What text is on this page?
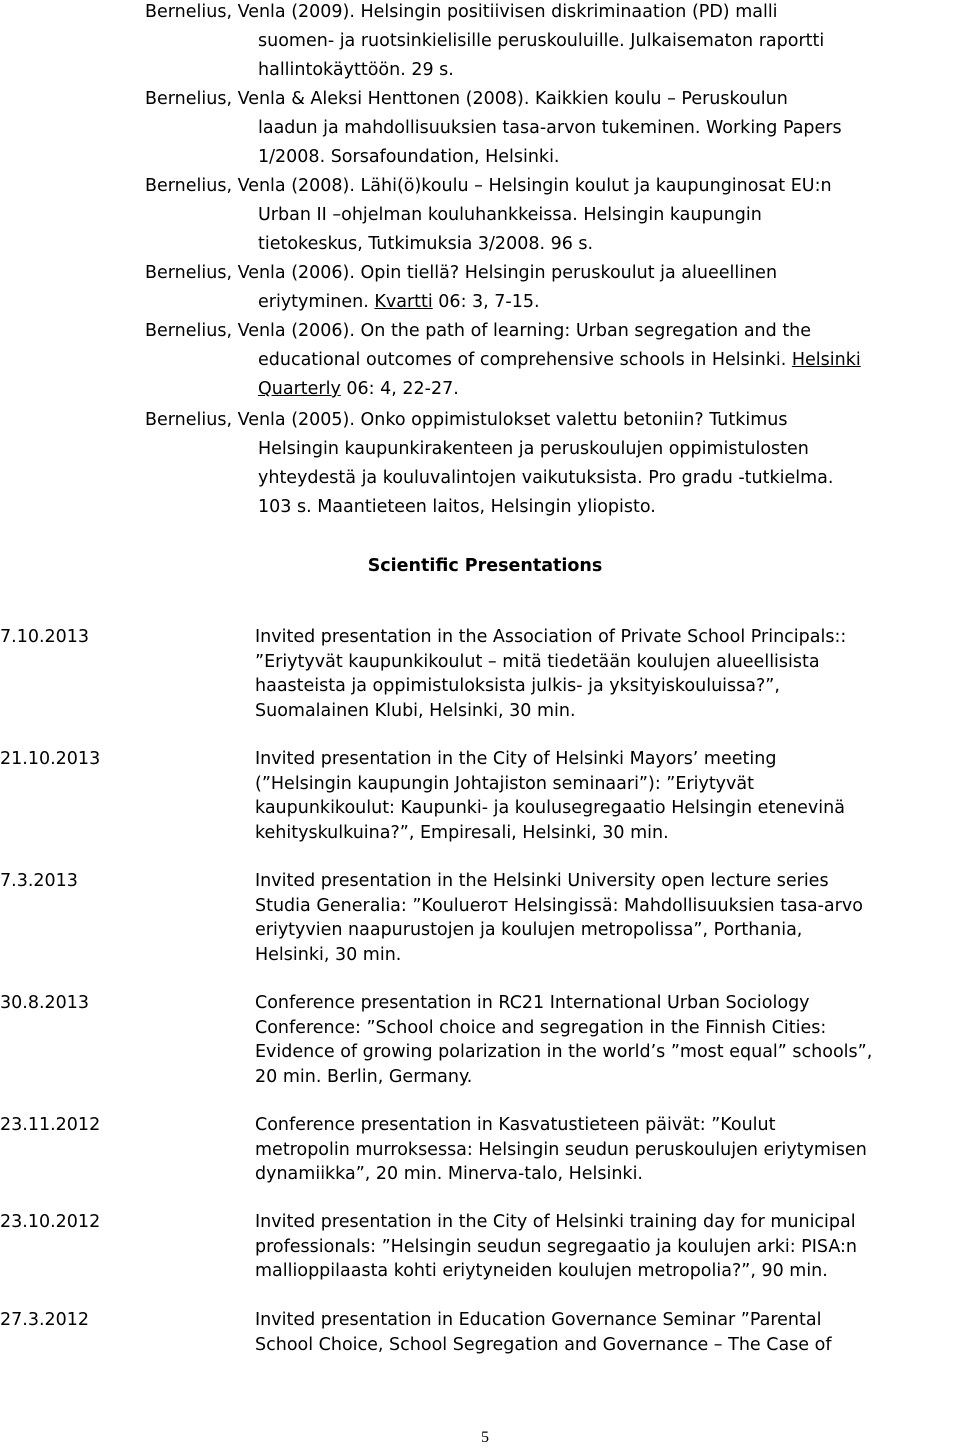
Bernelius, Venla (2009). Helsingin positiivisen diskriminaation (PD) malli
suomen- ja ruotsinkielisille peruskouluille. Julkaisematon raportti
hallintokäyttöön. 29 s.
Bernelius, Venla & Aleksi Henttonen (2008). Kaikkien koulu – Peruskoulun
laadun ja mahdollisuuksien tasa-arvon tukeminen. Working Papers
1/2008. Sorsafoundation, Helsinki.
Bernelius, Venla (2008). Lähi(ö)koulu – Helsingin koulut ja kaupunginosat EU:n
Urban II –ohjelman kouluhankkeissa. Helsingin kaupungin
tietokeskus, Tutkimuksia 3/2008. 96 s.
Bernelius, Venla (2006). Opin tiellä? Helsingin peruskoulut ja alueellinen
eriytyminen. Kvartti 06: 3, 7-15.
Bernelius, Venla (2006). On the path of learning: Urban segregation and the
educational outcomes of comprehensive schools in Helsinki. Helsinki
Quarterly 06: 4, 22-27.
Bernelius, Venla (2005). Onko oppimistulokset valettu betoniin? Tutkimus
Helsingin kaupunkirakenteen ja peruskoulujen oppimistulosten
yhteydestä ja kouluvalintojen vaikutuksista. Pro gradu -tutkielma.
103 s. Maantieteen laitos, Helsingin yliopisto.
Scientific Presentations
7.10.2013	Invited presentation in the Association of Private School Principals::
”Eriytyvät kaupunkikoulut – mitä tiedetään koulujen alueellisista
haasteista ja oppimistuloksista julkis- ja yksityiskouluissa?”,
Suomalainen Klubi, Helsinki, 30 min.
21.10.2013	Invited presentation in the City of Helsinki Mayors’ meeting
(”Helsingin kaupungin Johtajiston seminaari”): ”Eriytyvät
kaupunkikoulut: Kaupunki- ja koulusegregaatio Helsingin etenevinä
kehityskulkuina?”, Empiresali, Helsinki, 30 min.
7.3.2013	Invited presentation in the Helsinki University open lecture series
Studia Generalia: ”Koulueroт Helsingissä: Mahdollisuuksien tasa-arvo
eriytyvien naapurustojen ja koulujen metropolissa”, Porthania,
Helsinki, 30 min.
30.8.2013	Conference presentation in RC21 International Urban Sociology
Conference: ”School choice and segregation in the Finnish Cities:
Evidence of growing polarization in the world’s ”most equal” schools”,
20 min. Berlin, Germany.
23.11.2012	Conference presentation in Kasvatustieteen päivät: ”Koulut
metropolin murroksessa: Helsingin seudun peruskoulujen eriytymisen
dynamiikka”, 20 min. Minerva-talo, Helsinki.
23.10.2012	Invited presentation in the City of Helsinki training day for municipal
professionals: ”Helsingin seudun segregaatio ja koulujen arki: PISA:n
mallioppilaasta kohti eriytyneiden koulujen metropolia?”, 90 min.
27.3.2012	Invited presentation in Education Governance Seminar ”Parental
School Choice, School Segregation and Governance – The Case of
5
